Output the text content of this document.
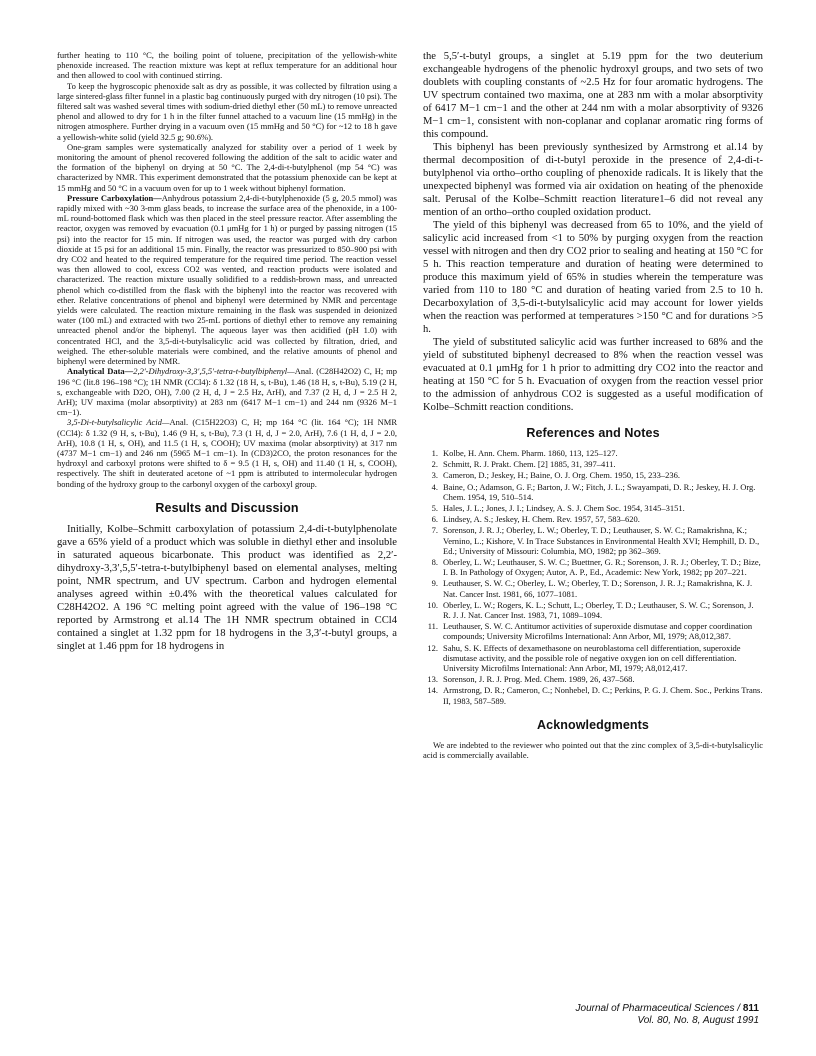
further heating to 110 °C, the boiling point of toluene, precipitation of the yellowish-white phenoxide increased. The reaction mixture was kept at reflux temperature for an additional hour and then allowed to cool with continued stirring.

To keep the hygroscopic phenoxide salt as dry as possible, it was collected by filtration using a large sintered-glass filter funnel in a plastic bag continuously purged with dry nitrogen (10 psi). The filtered salt was washed several times with sodium-dried diethyl ether (50 mL) to remove unreacted phenol and allowed to dry for 1 h in the filter funnel attached to a vacuum line (15 mmHg) in the nitrogen atmosphere. Further drying in a vacuum oven (15 mmHg and 50 °C) for ~12 to 18 h gave a yellowish-white solid (yield 32.5 g; 90.6%).

One-gram samples were systematically analyzed for stability over a period of 1 week by monitoring the amount of phenol recovered following the addition of the salt to acidic water and the formation of the biphenyl on drying at 50 °C. The 2,4-di-t-butylphenol (mp 54 °C) was characterized by NMR. This experiment demonstrated that the potassium phenoxide can be kept at 15 mmHg and 50 °C in a vacuum oven for up to 1 week without biphenyl formation.

Pressure Carboxylation—Anhydrous potassium 2,4-di-t-butylphenoxide (5 g, 20.5 mmol) was rapidly mixed with ~30 3-mm glass beads, to increase the surface area of the phenoxide, in a 100-mL round-bottomed flask which was then placed in the steel pressure reactor. After assembling the reactor, oxygen was removed by evacuation (0.1 μmHg for 1 h) or purged by passing nitrogen (15 psi) into the reactor for 15 min. If nitrogen was used, the reactor was purged with dry carbon dioxide at 15 psi for an additional 15 min. Finally, the reactor was pressurized to 850–900 psi with dry CO2 and heated to the required temperature for the required time period. The reaction vessel was then allowed to cool, excess CO2 was vented, and reaction products were isolated and characterized. The reaction mixture usually solidified to a reddish-brown mass, and unreacted phenol which co-distilled from the flask with the biphenyl into the reactor was recovered with ether. Relative concentrations of phenol and biphenyl were determined by NMR and percentage yields were calculated. The reaction mixture remaining in the flask was suspended in deionized water (100 mL) and extracted with two 25-mL portions of diethyl ether to remove any remaining unreacted phenol and/or the biphenyl. The aqueous layer was then acidified (pH 1.0) with concentrated HCl, and the 3,5-di-t-butylsalicylic acid was collected by filtration, dried, and weighed. The ether-soluble materials were combined, and the relative amounts of phenol and biphenyl were determined by NMR.

Analytical Data—2,2′-Dihydroxy-3,3′,5,5′-tetra-t-butylbiphenyl—Anal. (C28H42O2) C, H; mp 196 °C (lit.8 196–198 °C); 1H NMR (CCl4): δ 1.32 (18 H, s, t-Bu), 1.46 (18 H, s, t-Bu), 5.19 (2 H, s, exchangeable with D2O, OH), 7.00 (2 H, d, J = 2.5 Hz, ArH), and 7.37 (2 H, d, J = 2.5 H 2, ArH); UV maxima (molar absorptivity) at 283 nm (6417 M−1 cm−1) and 244 nm (9326 M−1 cm−1).

3,5-Di-t-butylsalicylic Acid—Anal. (C15H22O3) C, H; mp 164 °C (lit. 164 °C); 1H NMR (CCl4): δ 1.32 (9 H, s, t-Bu), 1.46 (9 H, s, t-Bu), 7.3 (1 H, d, J = 2.0, ArH), 7.6 (1 H, d, J = 2.0, ArH), 10.8 (1 H, s, OH), and 11.5 (1 H, s, COOH); UV maxima (molar absorptivity) at 317 nm (4737 M−1 cm−1) and 246 nm (5965 M−1 cm−1). In (CD3)2CO, the proton resonances for the hydroxyl and carboxyl protons were shifted to δ = 9.5 (1 H, s, OH) and 11.40 (1 H, s, COOH), respectively. The shift in deuterated acetone of ~1 ppm is attributed to intermolecular hydrogen bonding of the hydroxy group to the carbonyl oxygen of the carboxyl group.

Results and Discussion

Initially, Kolbe–Schmitt carboxylation of potassium 2,4-di-t-butylphenolate gave a 65% yield of a product which was soluble in diethyl ether and insoluble in saturated aqueous bicarbonate. This product was identified as 2,2′-dihydroxy-3,3′,5,5′-tetra-t-butylbiphenyl based on elemental analyses, melting point, NMR spectrum, and UV spectrum. Carbon and hydrogen elemental analyses agreed within ±0.4% with the theoretical values calculated for C28H42O2. A 196 °C melting point agreed with the value of 196–198 °C reported by Armstrong et al.14 The 1H NMR spectrum obtained in CCl4 contained a singlet at 1.32 ppm for 18 hydrogens in the 3,3′-t-butyl groups, a singlet at 1.46 ppm for 18 hydrogens in

the 5,5′-t-butyl groups, a singlet at 5.19 ppm for the two deuterium exchangeable hydrogens of the phenolic hydroxyl groups, and two sets of two doublets with coupling constants of ~2.5 Hz for four aromatic hydrogens. The UV spectrum contained two maxima, one at 283 nm with a molar absorptivity of 6417 M−1 cm−1 and the other at 244 nm with a molar absorptivity of 9326 M−1 cm−1, consistent with non-coplanar and coplanar aromatic ring forms of this compound.

This biphenyl has been previously synthesized by Armstrong et al.14 by thermal decomposition of di-t-butyl peroxide in the presence of 2,4-di-t-butylphenol via ortho–ortho coupling of phenoxide radicals. It is likely that the unexpected biphenyl was formed via air oxidation on heating of the phenoxide salt. Perusal of the Kolbe–Schmitt reaction literature1–6 did not reveal any mention of an ortho–ortho coupled oxidation product.

The yield of this biphenyl was decreased from 65 to 10%, and the yield of salicylic acid increased from <1 to 50% by purging oxygen from the reaction vessel with nitrogen and then dry CO2 prior to sealing and heating at 150 °C for 5 h. This reaction temperature and duration of heating were determined to produce this maximum yield of 65% in studies wherein the temperature was varied from 110 to 180 °C and duration of heating varied from 2.5 to 10 h. Decarboxylation of 3,5-di-t-butylsalicylic acid may account for lower yields when the reaction was performed at temperatures >150 °C and for durations >5 h.

The yield of substituted salicylic acid was further increased to 68% and the yield of substituted biphenyl decreased to 8% when the reaction vessel was evacuated at 0.1 μmHg for 1 h prior to admitting dry CO2 into the reactor and heating at 150 °C for 5 h. Evacuation of oxygen from the reaction vessel prior to the admission of anhydrous CO2 is suggested as a useful modification of Kolbe–Schmitt reaction conditions.

References and Notes
1. Kolbe, H. Ann. Chem. Pharm. 1860, 113, 125–127.
2. Schmitt, R. J. Prakt. Chem. [2] 1885, 31, 397–411.
3. Cameron, D.; Jeskey, H.; Baine, O. J. Org. Chem. 1950, 15, 233–236.
4. Baine, O.; Adamson, G. F.; Barton, J. W.; Fitch, J. L.; Swayampati, D. R.; Jeskey, H. J. Org. Chem. 1954, 19, 510–514.
5. Hales, J. L.; Jones, J. I.; Lindsey, A. S. J. Chem Soc. 1954, 3145–3151.
6. Lindsey, A. S.; Jeskey, H. Chem. Rev. 1957, 57, 583–620.
7. Sorenson, J. R. J.; Oberley, L. W.; Oberley, T. D.; Leuthauser, S. W. C.; Ramakrishna, K.; Vernino, L.; Kishore, V. In Trace Substances in Environmental Health XVI; Hemphill, D. D., Ed.; University of Missouri: Columbia, MO, 1982; pp 362–369.
8. Oberley, L. W.; Leuthauser, S. W. C.; Buettner, G. R.; Sorenson, J. R. J.; Oberley, T. D.; Bize, I. B. In Pathology of Oxygen; Autor, A. P., Ed., Academic: New York, 1982; pp 207–221.
9. Leuthauser, S. W. C.; Oberley, L. W.; Oberley, T. D.; Sorenson, J. R. J.; Ramakrishna, K. J. Nat. Cancer Inst. 1981, 66, 1077–1081.
10. Oberley, L. W.; Rogers, K. L.; Schutt, L.; Oberley, T. D.; Leuthauser, S. W. C.; Sorenson, J. R. J. J. Nat. Cancer Inst. 1983, 71, 1089–1094.
11. Leuthauser, S. W. C. Antitumor activities of superoxide dismutase and copper coordination compounds; University Microfilms International: Ann Arbor, MI, 1979; A8,012,387.
12. Sahu, S. K. Effects of dexamethasone on neuroblastoma cell differentiation, superoxide dismutase activity, and the possible role of negative oxygen ion on cell differentiation. University Microfilms International: Ann Arbor, MI, 1979; A8,012,417.
13. Sorenson, J. R. J. Prog. Med. Chem. 1989, 26, 437–568.
14. Armstrong, D. R.; Cameron, C.; Nonhebel, D. C.; Perkins, P. G. J. Chem. Soc., Perkins Trans. II, 1983, 587–589.
Acknowledgments

We are indebted to the reviewer who pointed out that the zinc complex of 3,5-di-t-butylsalicylic acid is commercially available.

Journal of Pharmaceutical Sciences / 811
Vol. 80, No. 8, August 1991
